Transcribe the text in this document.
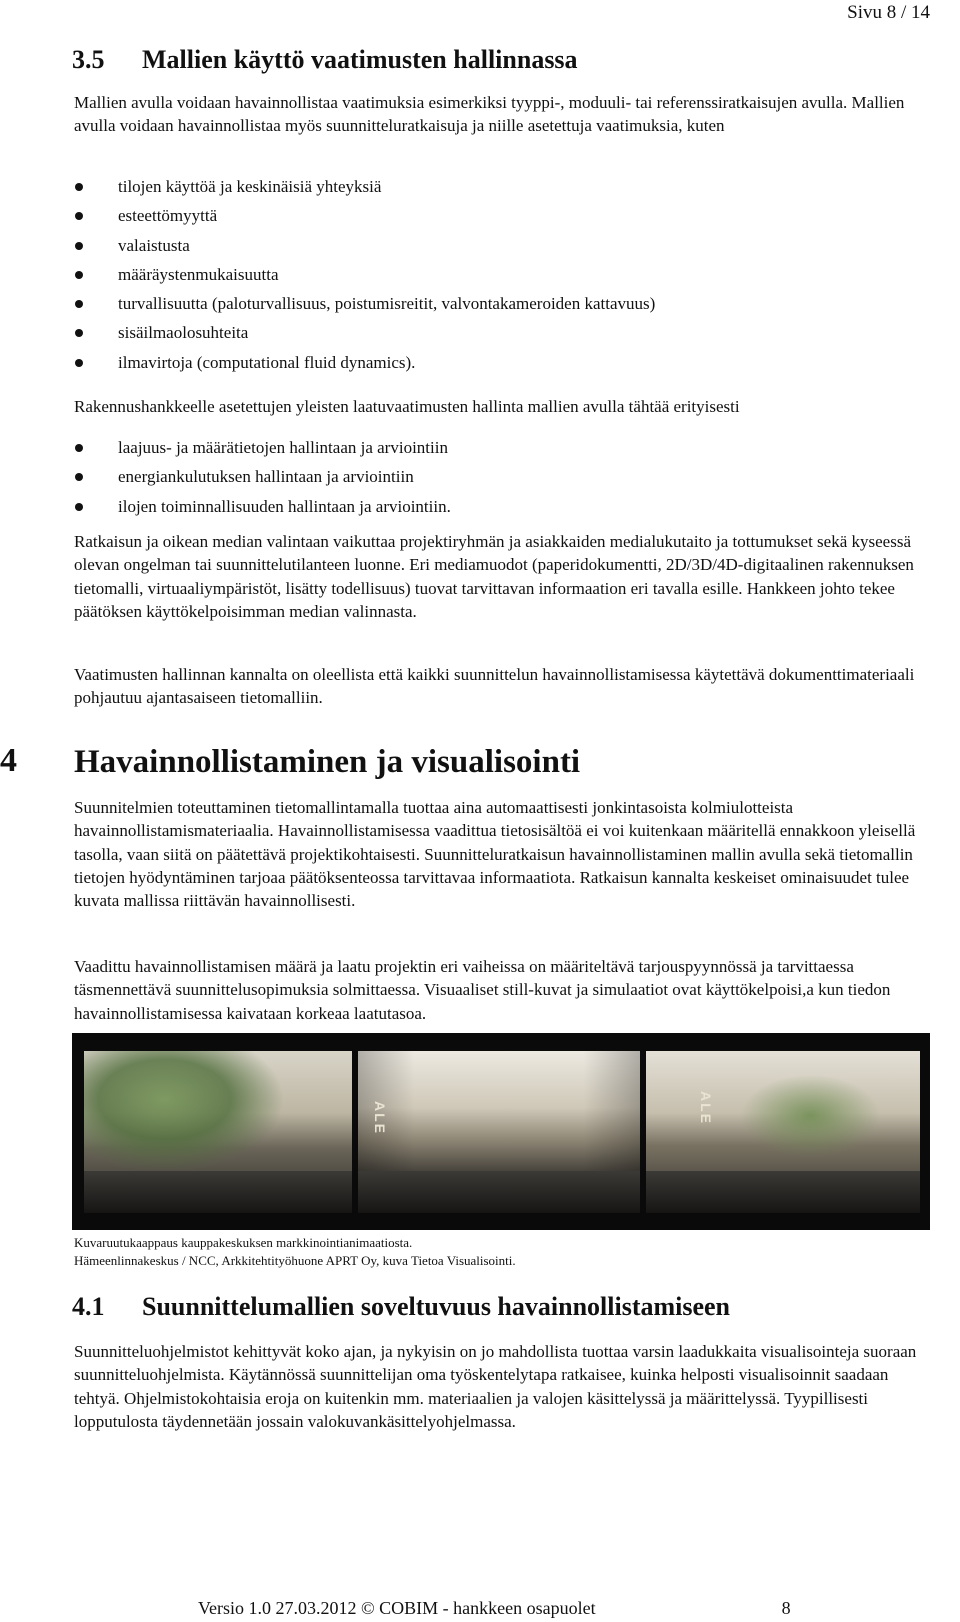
Sivu 8 / 14
3.5 Mallien käyttö vaatimusten hallinnassa

Mallien avulla voidaan havainnollistaa vaatimuksia esimerkiksi tyyppi-, moduuli- tai referenssiratkaisujen avulla. Mallien avulla voidaan havainnollistaa myös suunnitteluratkaisuja ja niille asetettuja vaatimuksia, kuten

tilojen käyttöä ja keskinäisiä yhteyksiä
esteettömyyttä
valaistusta
määräystenmukaisuutta
turvallisuutta (paloturvallisuus, poistumisreitit, valvontakameroiden kattavuus)
sisäilmaolosuhteita
ilmavirtoja (computational fluid dynamics).

Rakennushankkeelle asetettujen yleisten laatuvaatimusten hallinta mallien avulla tähtää erityisesti

laajuus- ja määrätietojen hallintaan ja arviointiin
energiankulutuksen hallintaan ja arviointiin
ilojen toiminnallisuuden hallintaan ja arviointiin.

Ratkaisun ja oikean median valintaan vaikuttaa projektiryhmän ja asiakkaiden medialukutaito ja tottumukset sekä kyseessä olevan ongelman tai suunnittelutilanteen luonne. Eri mediamuodot (paperidokumentti, 2D/3D/4D-digitaalinen rakennuksen tietomalli, virtuaaliympäristöt, lisätty todellisuus) tuovat tarvittavan informaation eri tavalla esille. Hankkeen johto tekee päätöksen käyttökelpoisimman median valinnasta.

Vaatimusten hallinnan kannalta on oleellista että kaikki suunnittelun havainnollistamisessa käytettävä dokumenttimateriaali pohjautuu ajantasaiseen tietomalliin.

4 Havainnollistaminen ja visualisointi

Suunnitelmien toteuttaminen tietomallintamalla tuottaa aina automaattisesti jonkintasoista kolmiulotteista havainnollistamismateriaalia. Havainnollistamisessa vaadittua tietosisältöä ei voi kuitenkaan määritellä ennakkoon yleisellä tasolla, vaan siitä on päätettävä projektikohtaisesti. Suunnitteluratkaisun havainnollistaminen mallin avulla sekä tietomallin tietojen hyödyntäminen tarjoaa päätöksenteossa tarvittavaa informaatiota. Ratkaisun kannalta keskeiset ominaisuudet tulee kuvata mallissa riittävän havainnollisesti.

Vaadittu havainnollistamisen määrä ja laatu projektin eri vaiheissa on määriteltävä tarjouspyynnössä ja tarvittaessa täsmennettävä suunnittelusopimuksia solmittaessa. Visuaaliset still-kuvat ja simulaatiot ovat käyttökelpoisi,a kun tiedon havainnollistamisessa kaivataan korkeaa laatutasoa.

ALE	ALE
Kuvaruutukaappaus kauppakeskuksen markkinointianimaatiosta.
Hämeenlinnakeskus / NCC, Arkkitehtityöhuone APRT Oy, kuva Tietoa Visualisointi.
4.1 Suunnittelumallien soveltuvuus havainnollistamiseen

Suunnitteluohjelmistot kehittyvät koko ajan, ja nykyisin on jo mahdollista tuottaa varsin laadukkaita visualisointeja suoraan suunnitteluohjelmista. Käytännössä suunnittelijan oma työskentelytapa ratkaisee, kuinka helposti visualisoinnit saadaan tehtyä. Ohjelmistokohtaisia eroja on kuitenkin mm. materiaalien ja valojen käsittelyssä ja määrittelyssä. Tyypillisesti lopputulosta täydennetään jossain valokuvankäsittelyohjelmassa.

Versio 1.0 27.03.2012 © COBIM - hankkeen osapuolet	8
